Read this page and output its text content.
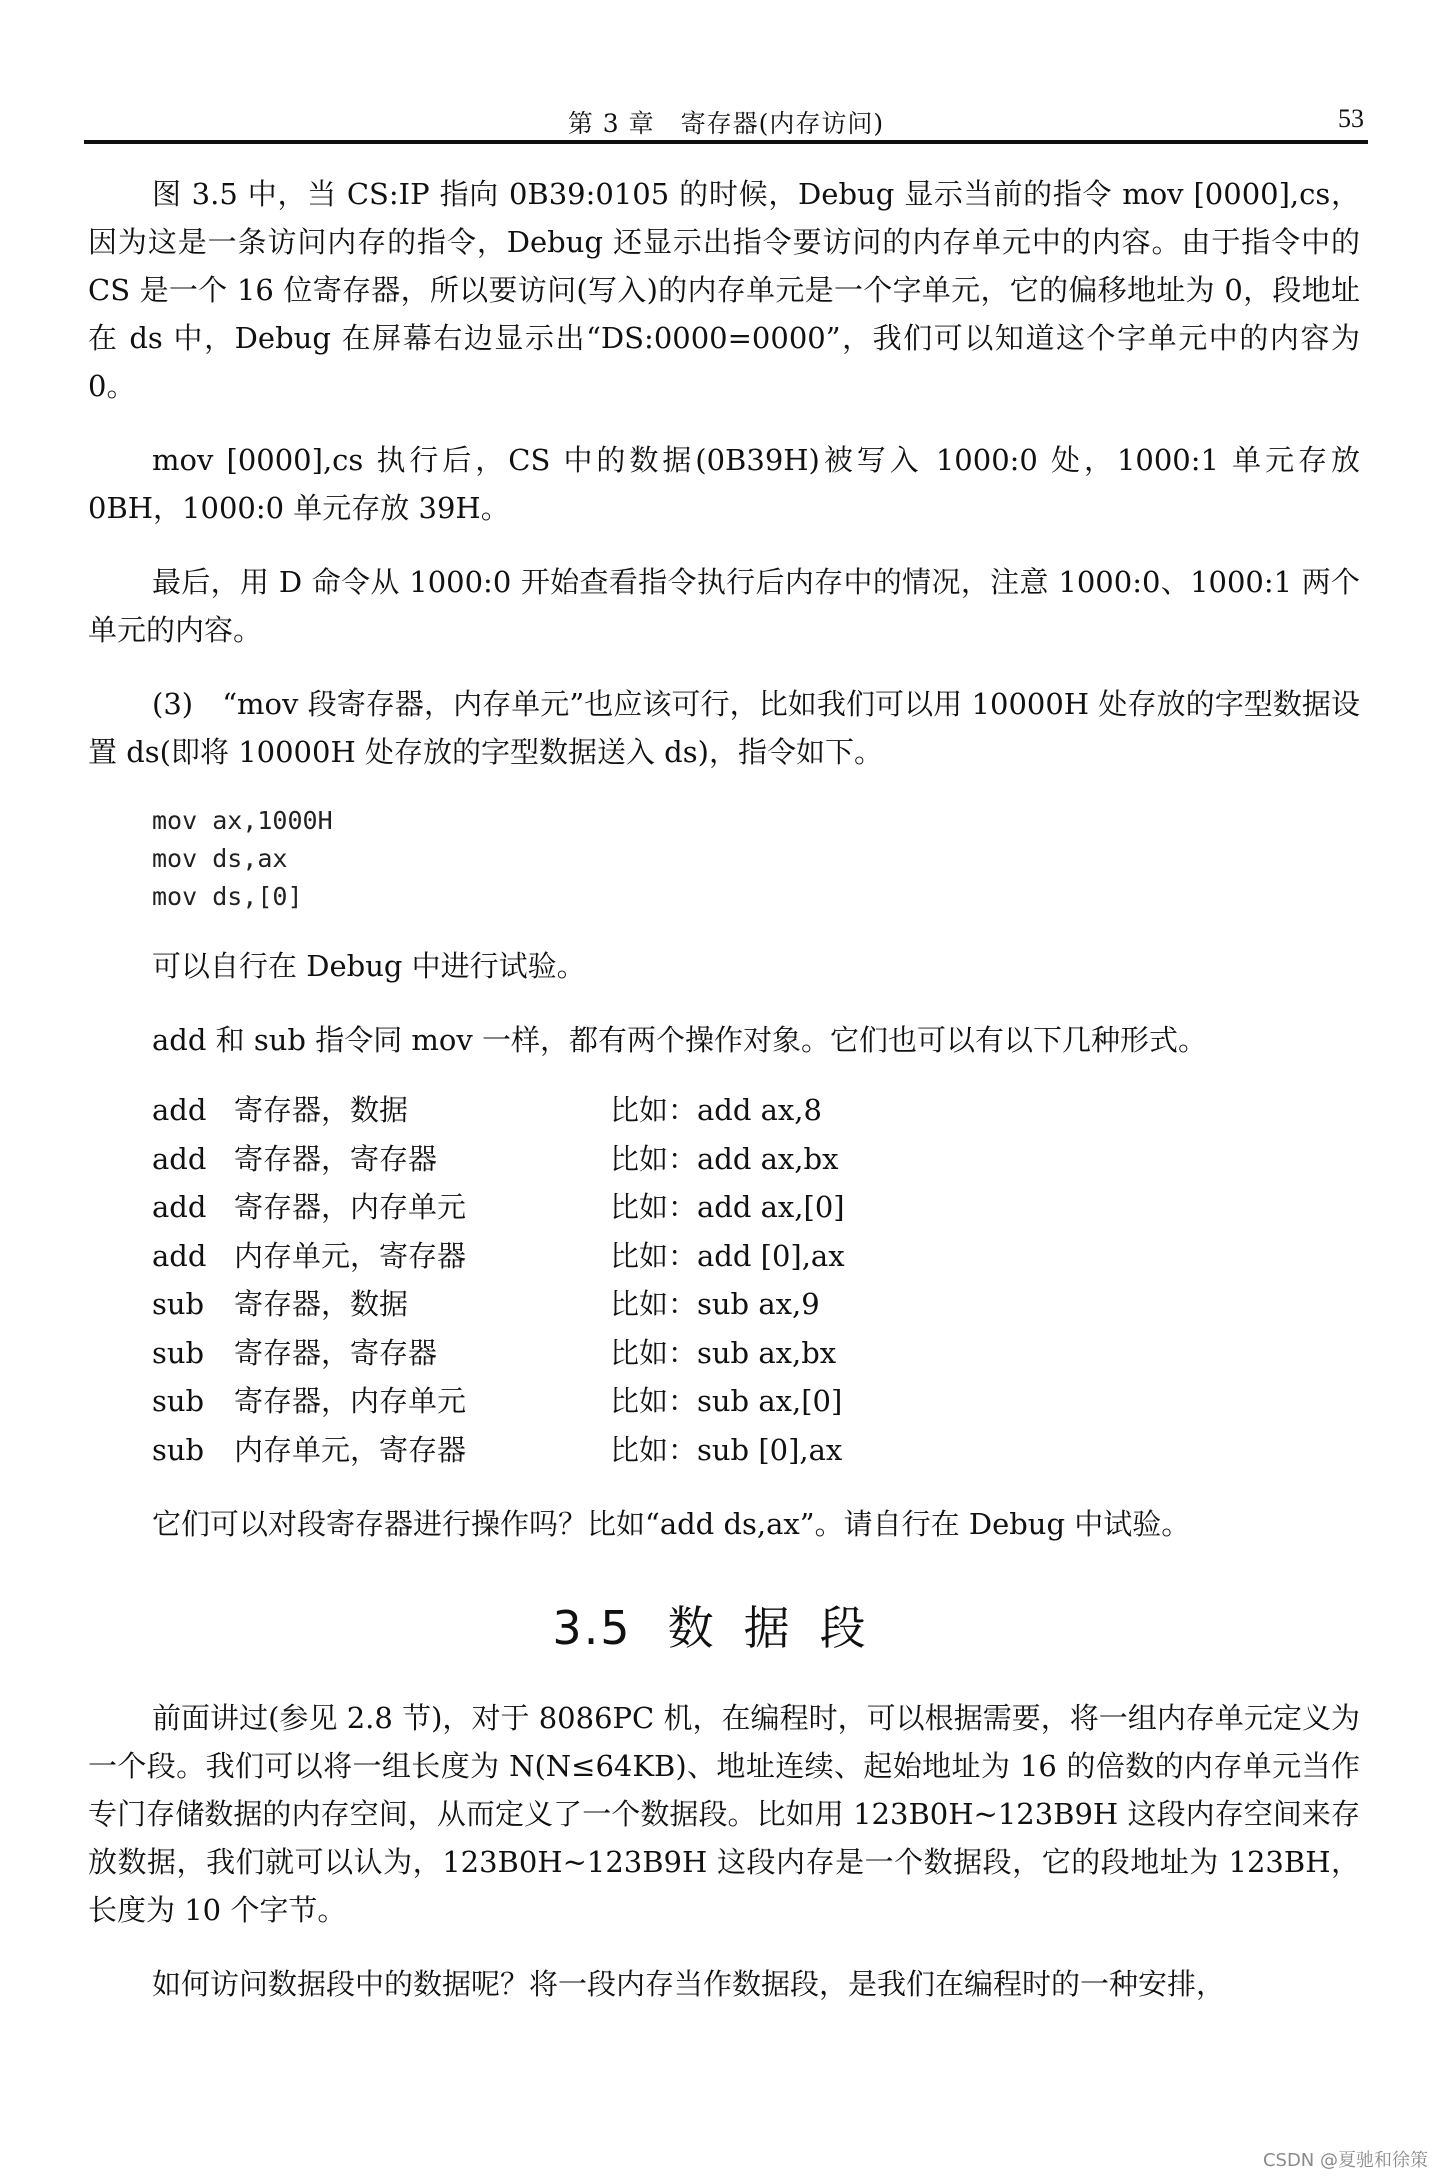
第 3 章　寄存器(内存访问)	53

图 3.5 中，当 CS:IP 指向 0B39:0105 的时候，Debug 显示当前的指令 mov [0000],cs，因为这是一条访问内存的指令，Debug 还显示出指令要访问的内存单元中的内容。由于指令中的 CS 是一个 16 位寄存器，所以要访问(写入)的内存单元是一个字单元，它的偏移地址为 0，段地址在 ds 中，Debug 在屏幕右边显示出“DS:0000=0000”，我们可以知道这个字单元中的内容为 0。

mov [0000],cs 执行后，CS 中的数据(0B39H)被写入 1000:0 处，1000:1 单元存放 0BH，1000:0 单元存放 39H。

最后，用 D 命令从 1000:0 开始查看指令执行后内存中的情况，注意 1000:0、1000:1 两个单元的内容。

(3)　“mov 段寄存器，内存单元”也应该可行，比如我们可以用 10000H 处存放的字型数据设置 ds(即将 10000H 处存放的字型数据送入 ds)，指令如下。

mov ax,1000H
mov ds,ax
mov ds,[0]

可以自行在 Debug 中进行试验。

add 和 sub 指令同 mov 一样，都有两个操作对象。它们也可以有以下几种形式。

add 寄存器，数据	比如：add ax,8
add 寄存器，寄存器	比如：add ax,bx
add 寄存器，内存单元	比如：add ax,[0]
add 内存单元，寄存器	比如：add [0],ax
sub	寄存器，数据	比如：sub ax,9
sub	寄存器，寄存器	比如：sub ax,bx
sub	寄存器，内存单元	比如：sub ax,[0]
sub	内存单元，寄存器	比如：sub [0],ax

它们可以对段寄存器进行操作吗？比如“add ds,ax”。请自行在 Debug 中试验。

3.5 数据段

前面讲过(参见 2.8 节)，对于 8086PC 机，在编程时，可以根据需要，将一组内存单元定义为一个段。我们可以将一组长度为 N(N≤64KB)、地址连续、起始地址为 16 的倍数的内存单元当作专门存储数据的内存空间，从而定义了一个数据段。比如用 123B0H~123B9H 这段内存空间来存放数据，我们就可以认为，123B0H~123B9H 这段内存是一个数据段，它的段地址为 123BH，长度为 10 个字节。

如何访问数据段中的数据呢？将一段内存当作数据段，是我们在编程时的一种安排，

CSDN @夏驰和徐策
